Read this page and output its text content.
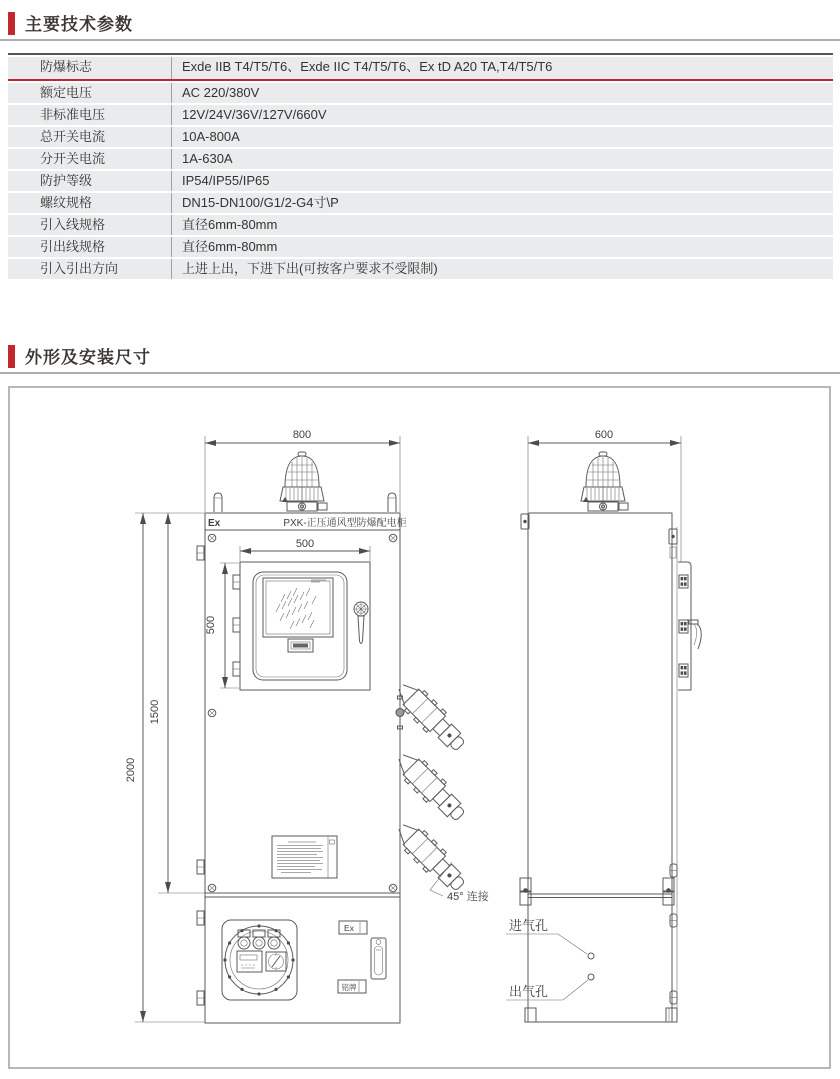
主要技术参数
防爆标志	Exde IIB T4/T5/T6、Exde IIC T4/T5/T6、Ex tD A20 TA,T4/T5/T6
额定电压	AC 220/380V
非标准电压	12V/24V/36V/127V/660V
总开关电流	10A-800A
分开关电流	1A-630A
防护等级	IP54/IP55/IP65
螺纹规格	DN15-DN100/G1/2-G4寸\P
引入线规格	直径6mm-80mm
引出线规格	直径6mm-80mm
引入引出方向	上进上出，下进下出(可按客户要求不受限制)
外形及安装尺寸
800
Ex	PXK-正压通风型防爆配电柜
500
500
1500
2000
45° 连接
Ex
铭牌
600
进气孔
出气孔
